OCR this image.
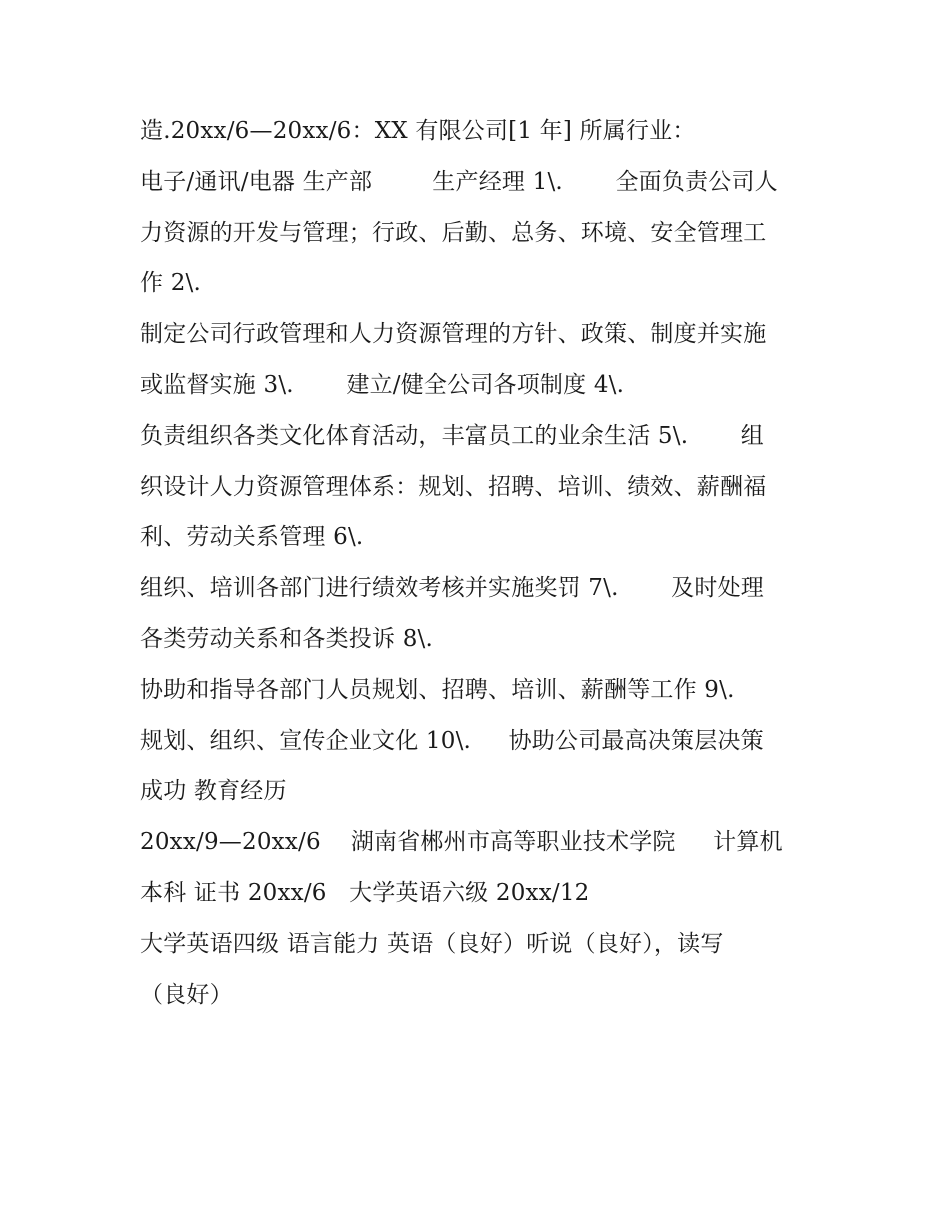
造.20xx/6—20xx/6：XX 有限公司[1 年] 所属行业：
电子/通讯/电器 生产部        生产经理 1\.       全面负责公司人
力资源的开发与管理；行政、后勤、总务、环境、安全管理工
作 2\.
制定公司行政管理和人力资源管理的方针、政策、制度并实施
或监督实施 3\.       建立/健全公司各项制度 4\.
负责组织各类文化体育活动，丰富员工的业余生活 5\.       组
织设计人力资源管理体系：规划、招聘、培训、绩效、薪酬福
利、劳动关系管理 6\.
组织、培训各部门进行绩效考核并实施奖罚 7\.       及时处理
各类劳动关系和各类投诉 8\.
协助和指导各部门人员规划、招聘、培训、薪酬等工作 9\.
规划、组织、宣传企业文化 10\.     协助公司最高决策层决策
成功 教育经历
20xx/9—20xx/6    湖南省郴州市高等职业技术学院     计算机
本科 证书 20xx/6   大学英语六级 20xx/12
大学英语四级 语言能力 英语（良好）听说（良好），读写
（良好）
